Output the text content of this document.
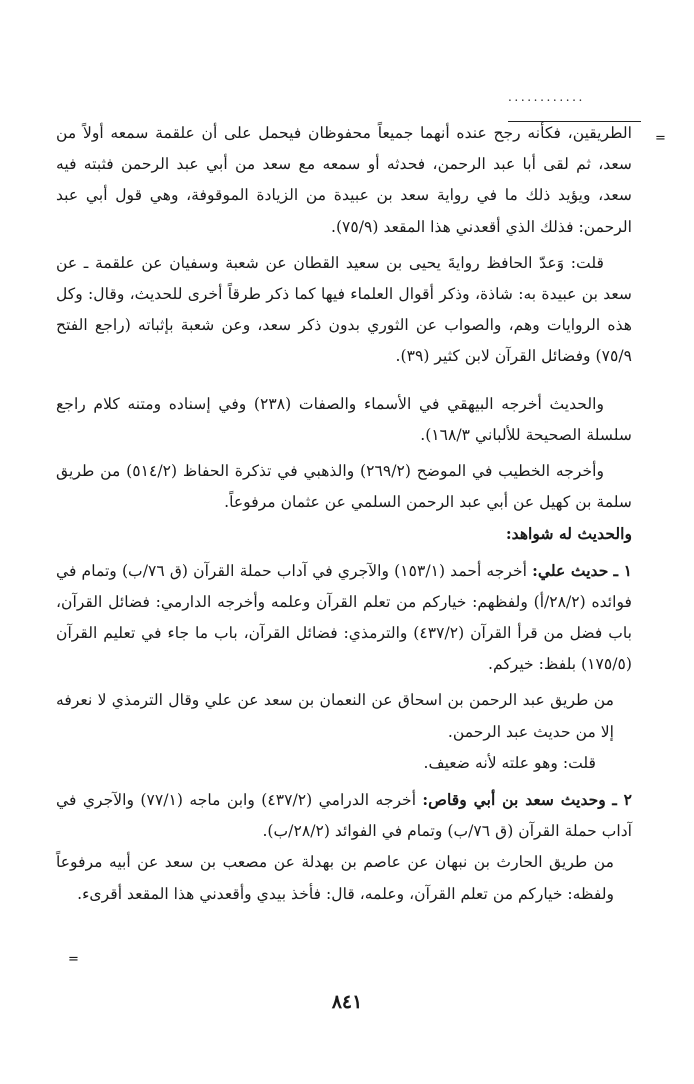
............
=

الطريقين، فكأنه رجح عنده أنهما جميعاً محفوظان فيحمل على أن علقمة سمعه أولاً من سعد، ثم لقى أبا عبد الرحمن، فحدثه أو سمعه مع سعد من أبي عبد الرحمن فثبته فيه سعد، ويؤيد ذلك ما في رواية سعد بن عبيدة من الزيادة الموقوفة، وهي قول أبي عبد الرحمن: فذلك الذي أقعدني هذا المقعد (٧٥/٩).

قلت: وَعدّ الحافظ روايةَ يحيى بن سعيد القطان عن شعبة وسفيان عن علقمة ـ عن سعد بن عبيدة به: شاذة، وذكر أقوال العلماء فيها كما ذكر طرقاً أخرى للحديث، وقال: وكل هذه الروايات وهم، والصواب عن الثوري بدون ذكر سعد، وعن شعبة بإثباته (راجع الفتح ٧٥/٩) وفضائل القرآن لابن كثير (٣٩).

والحديث أخرجه البيهقي في الأسماء والصفات (٢٣٨) وفي إسناده ومتنه كلام راجع سلسلة الصحيحة للألباني ١٦٨/٣).

وأخرجه الخطيب في الموضح (٢٦٩/٢) والذهبي في تذكرة الحفاظ (٥١٤/٢) من طريق سلمة بن كهيل عن أبي عبد الرحمن السلمي عن عثمان مرفوعاً.

والحديث له شواهد:

١ ـ حديث علي: أخرجه أحمد (١٥٣/١) والآجري في آداب حملة القرآن (ق ٧٦/ب) وتمام في فوائده (٢٨/٢/أ) ولفظهم: خياركم من تعلم القرآن وعلمه وأخرجه الدارمي: فضائل القرآن، باب فضل من قرأ القرآن (٤٣٧/٢) والترمذي: فضائل القرآن، باب ما جاء في تعليم القرآن (١٧٥/٥) بلفظ: خيركم.

من طريق عبد الرحمن بن اسحاق عن النعمان بن سعد عن علي وقال الترمذي لا نعرفه إلا من حديث عبد الرحمن.

قلت: وهو علته لأنه ضعيف.

٢ ـ وحديث سعد بن أبي وقاص: أخرجه الدرامي (٤٣٧/٢) وابن ماجه (٧٧/١) والآجري في آداب حملة القرآن (ق ٧٦/ب) وتمام في الفوائد (٢٨/٢/ب).

من طريق الحارث بن نبهان عن عاصم بن بهدلة عن مصعب بن سعد عن أبيه مرفوعاً ولفظه: خياركم من تعلم القرآن، وعلمه، قال: فأخذ بيدي وأقعدني هذا المقعد أقرىء.

=
٨٤١
